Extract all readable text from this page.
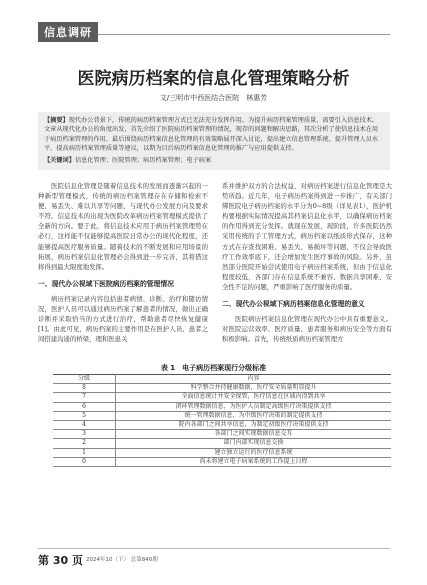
信息调研
医院病历档案的信息化管理策略分析
文/三明市中西医结合医院　林惠芳

【摘要】现代办公背景下，传统的病历档案管理方式已无法充分发挥作用，为提升病历档案管理质量，需要引入信息技术。文章从现代化办公的角度出发，首先介绍了医院病历档案管理的情况，现存的问题和解决思路，其次分析了使信息技术在用于病历档案管理的作用，最后围绕病历档案信息化管理的有效策略展开深入讨论，提出建立信息管理系统、提升管理人员水平、提高病历档案管理质量等建议，以期为目后病历档案信息化管理的推广与应用提供支持。

【关键词】信息化管理；医院管理；病历档案管理；电子病案

医院信息化管理是随着信息技术的发展而逐渐兴起的一种新型管理模式，传统的病历档案管理存在存储和检索不便、易丢失、难以共享等问题，与现代办公发展方向及要求不符。信息技术的出现为医院改革病历档案管理模式提供了全新的方向。要于此，将信息技术应用于病历档案管理势在必行，这样能不仅能够提高医院日常办公的现代化程度，还能够提高医疗服务质量。随着技术的不断发展和应用场景的拓展，病历档案信息化管理必会得到进一步完善，其将借这将得到最大限度地发挥。

一、现代办公视域下医院病历档案的管理情况

病历档案记录内容包括患者病情、诊断、治疗和随访情况，医护人员可以通过病历档案了解患者的情况，做出正确诊断并采取恰当的方式进行治疗，帮助患者尽快恢复健康[1]。由此可见，病历档案的主要作用是在医护人员、患者之间搭建沟通的桥梁，理和医患关

系并维护双方的合法权益，对病历档案进行信息化管理是大势所趋。近几年，电子病历档案得到进一步推广，有关部门绑医院电子病历档案的水平分为0~8级（详见表1），医护机构要根据实际情况提高其档案信息化水平，以确保病历档案的作用得到充分发挥。就现在发展，现阶段，许多医院仍然采用传统的手工管理方式，病历档案以纸质形式保存，这种方式在存查找困难、易丢失、易损坏等问题，不仅会导致医疗工作效率底下，还会增加发生医疗事故的风险。另外，虽然部分医院开始尝试使用电子病历档案系统，但由于信息化程度较低，各部门存在信息系统不兼容、数据共享困难、安全性不足的问题，严重影响了医疗服务的质量。

二、现代办公视域下病历档案信息化管理的意义

医院病历档案信息化管理在现代办公中具有重要意义。对医院运营效率、医疗质量、患者服务和病历安全等方面有积极影响。首先，传统纸质病历档案管理方

表 1　电子病历档案现行分级标准
分级	内容
8	科学整合并持健康数据，医疗安全质量明显提升
7	全面信息统计并安全保管，医疗信息在区域内得到共享
6	闭环管理数据信息，为医护人员制定高级医疗决策提供支持
5	统一管理数据信息，为中级医疗决策的制定提供支持
4	院内各部门之间共享信息，为制定初级医疗决策提供支持
3	各部门之间实现数据信息交互
2	部门内部实现信息交换
1	建立独立运行的医疗信息系统
0	尚未将建立电子病案系统的工作提上日程
第 30 页 2024年10（下） 总第840期
